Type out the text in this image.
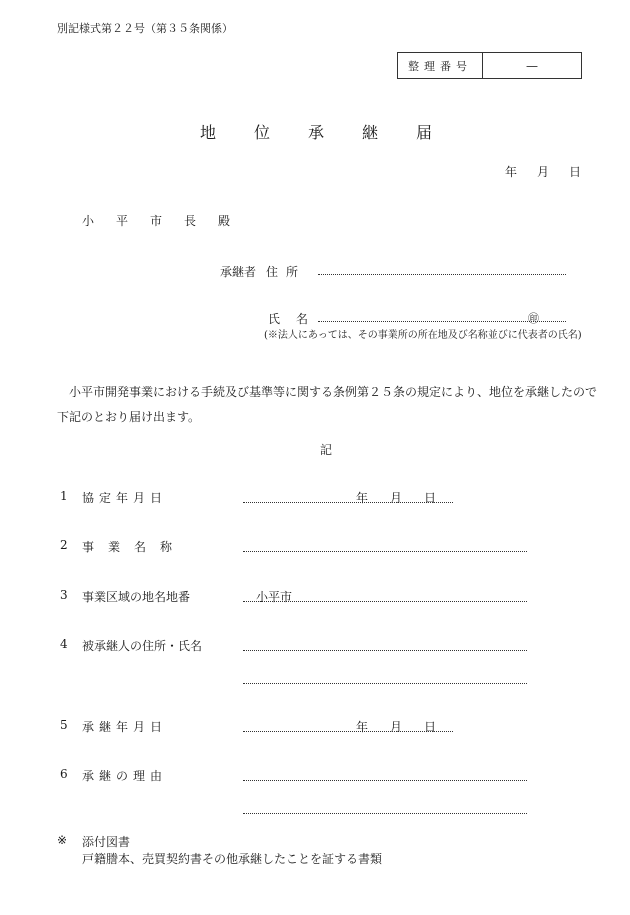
別記様式第２２号（第３５条関係）
整理番号	—
地位承継届
年 月 日
小平市長殿
承継者 住所
氏名	㊞
(※法人にあっては、その事業所の所在地及び名称並びに代表者の氏名)
　小平市開発事業における手続及び基準等に関する条例第２５条の規定により、地位を承継したので下記のとおり届け出ます。
記
1 協定年月日	年 月 日
2 事業名称
3 事業区域の地名地番	小平市
4 被承継人の住所・氏名
5 承継年月日	年 月 日
6 承継の理由
※ 添付図書
戸籍謄本、売買契約書その他承継したことを証する書類
